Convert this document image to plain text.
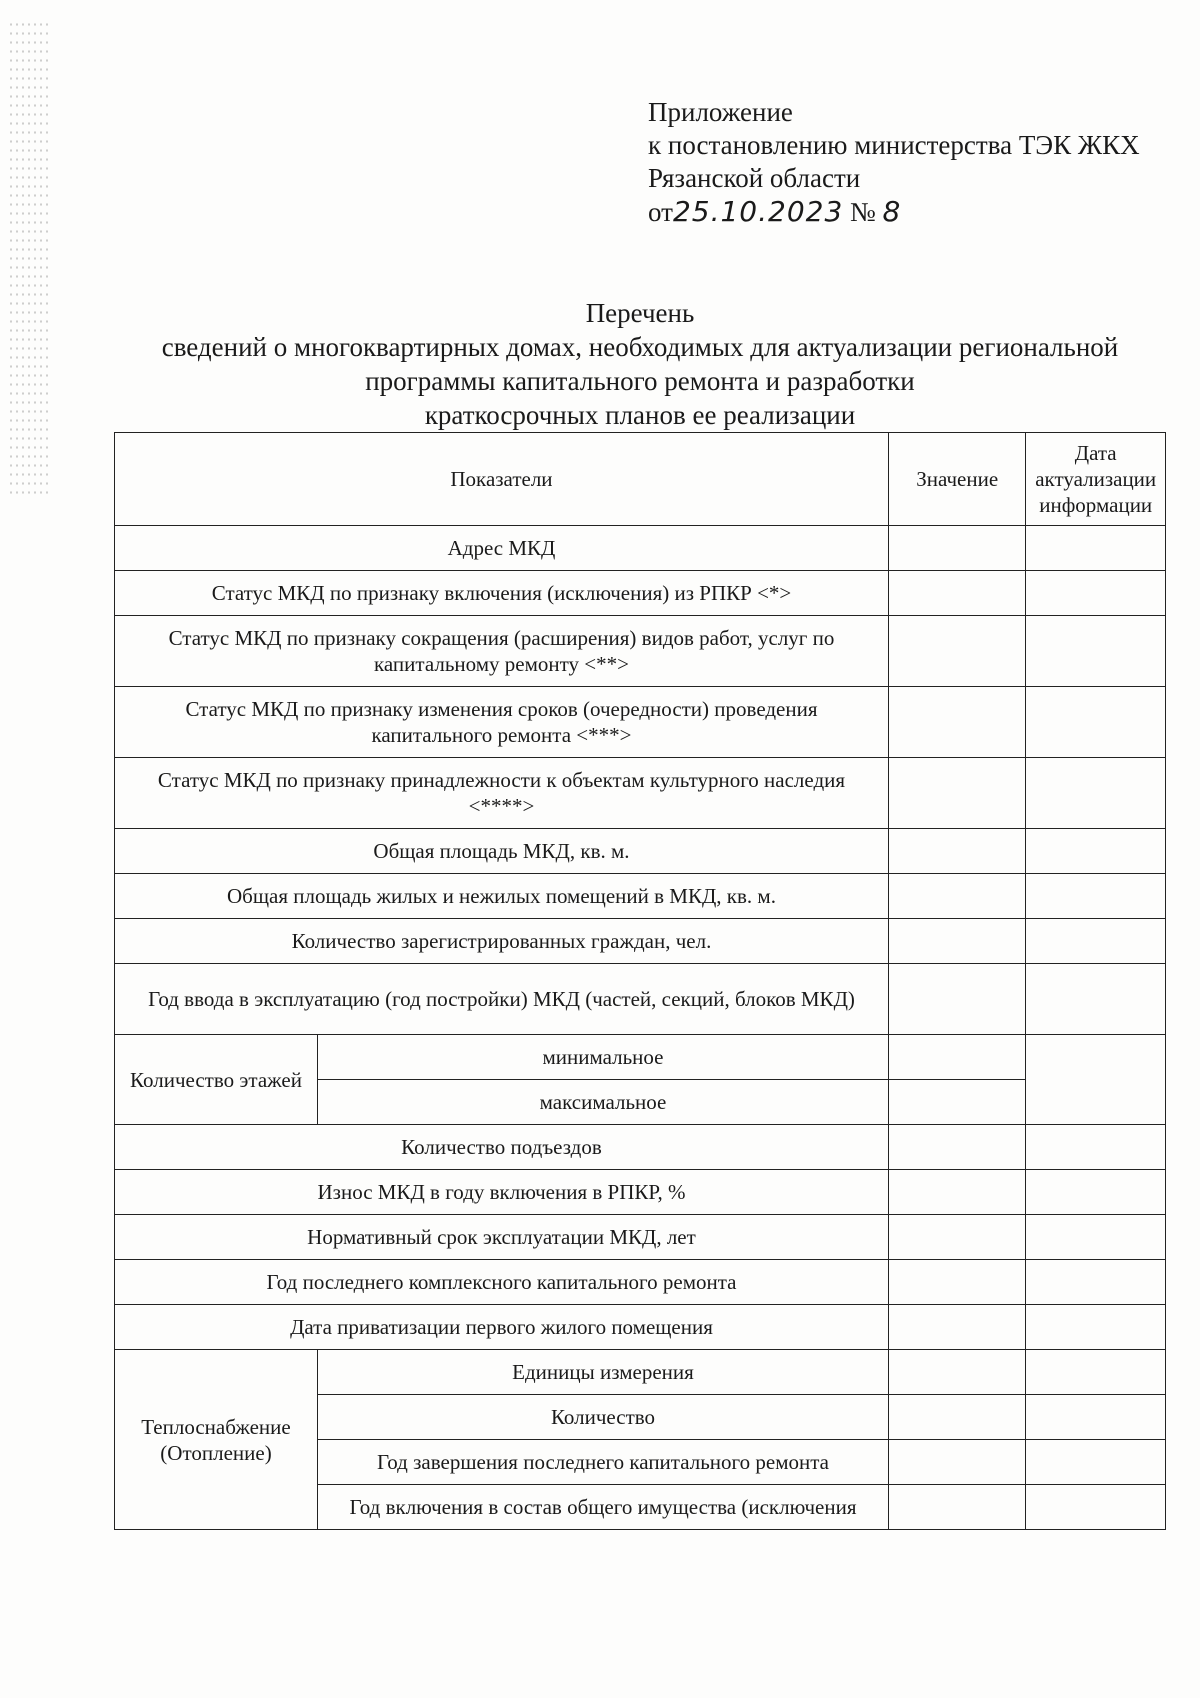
Приложение
к постановлению министерства ТЭК ЖКХ
Рязанской области
от25.10.2023 № 8
Перечень
сведений о многоквартирных домах, необходимых для актуализации региональной
программы капитального ремонта и разработки
краткосрочных планов ее реализации
Показатели		Значение	Дата актуализации информации
Адрес МКД			
Статус МКД по признаку включения (исключения) из РПКР <*>			
Статус МКД по признаку сокращения (расширения) видов работ, услуг по капитальному ремонту <**>			
Статус МКД по признаку изменения сроков (очередности) проведения капитального ремонта <***>			
Статус МКД по признаку принадлежности к объектам культурного наследия <****>			
Общая площадь МКД, кв. м.			
Общая площадь жилых и нежилых помещений в МКД, кв. м.			
Количество зарегистрированных граждан, чел.			
Год ввода в эксплуатацию (год постройки) МКД (частей, секций, блоков МКД)			
Количество этажей	минимальное		
	максимальное		
Количество подъездов			
Износ МКД в году включения в РПКР, %			
Нормативный срок эксплуатации МКД, лет			
Год последнего комплексного капитального ремонта			
Дата приватизации первого жилого помещения			
Теплоснабжение (Отопление)	Единицы измерения		
	Количество		
	Год завершения последнего капитального ремонта		
	Год включения в состав общего имущества (исключения		
